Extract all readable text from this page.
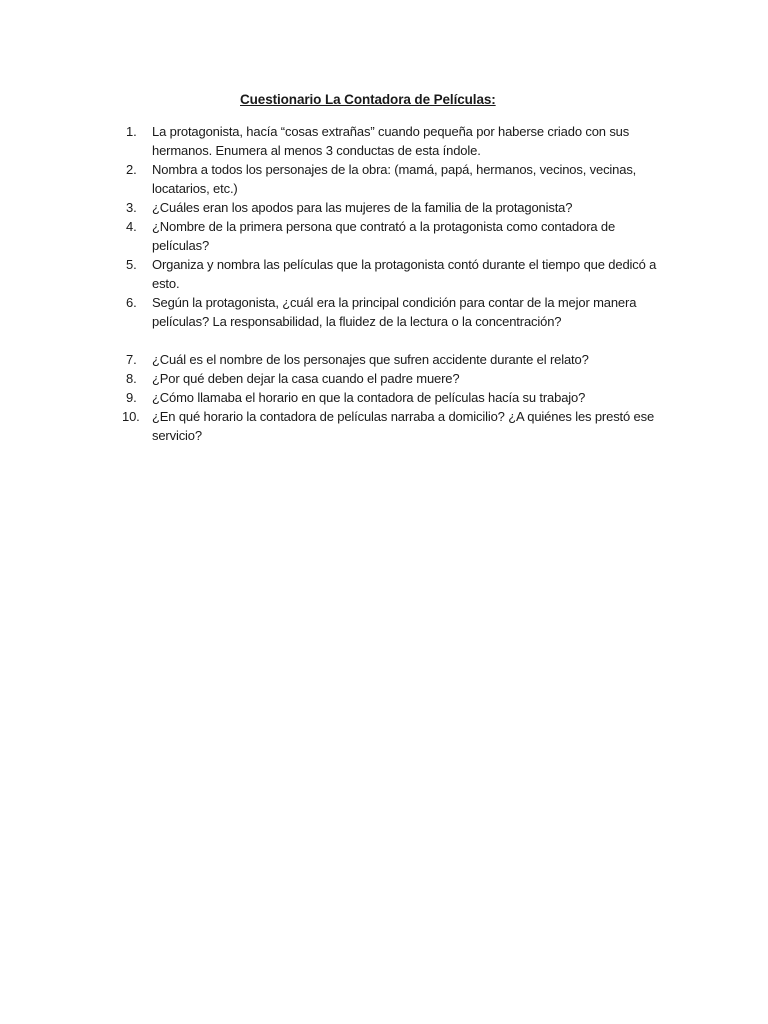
Cuestionario La Contadora de Películas:
1.	La protagonista, hacía “cosas extrañas” cuando pequeña por haberse criado con sus hermanos. Enumera al menos 3 conductas de esta índole.
2.	Nombra a todos los personajes de la obra: (mamá, papá, hermanos, vecinos, vecinas, locatarios, etc.)
3.	¿Cuáles eran los apodos para las mujeres de la familia de la protagonista?
4.	¿Nombre de la primera persona que contrató a la protagonista como contadora de películas?
5.	Organiza y nombra las películas que la protagonista contó durante el tiempo que dedicó a esto.
6.	Según la protagonista, ¿cuál era la principal condición para contar de la mejor manera películas? La responsabilidad, la fluidez de la lectura o la concentración?
7.	¿Cuál es el nombre de los personajes que sufren accidente durante el relato?
8.	¿Por qué deben dejar la casa cuando el padre muere?
9.	¿Cómo llamaba el horario en que la contadora de películas hacía su trabajo?
10. ¿En qué horario la contadora de películas narraba a domicilio? ¿A quiénes les prestó ese servicio?
